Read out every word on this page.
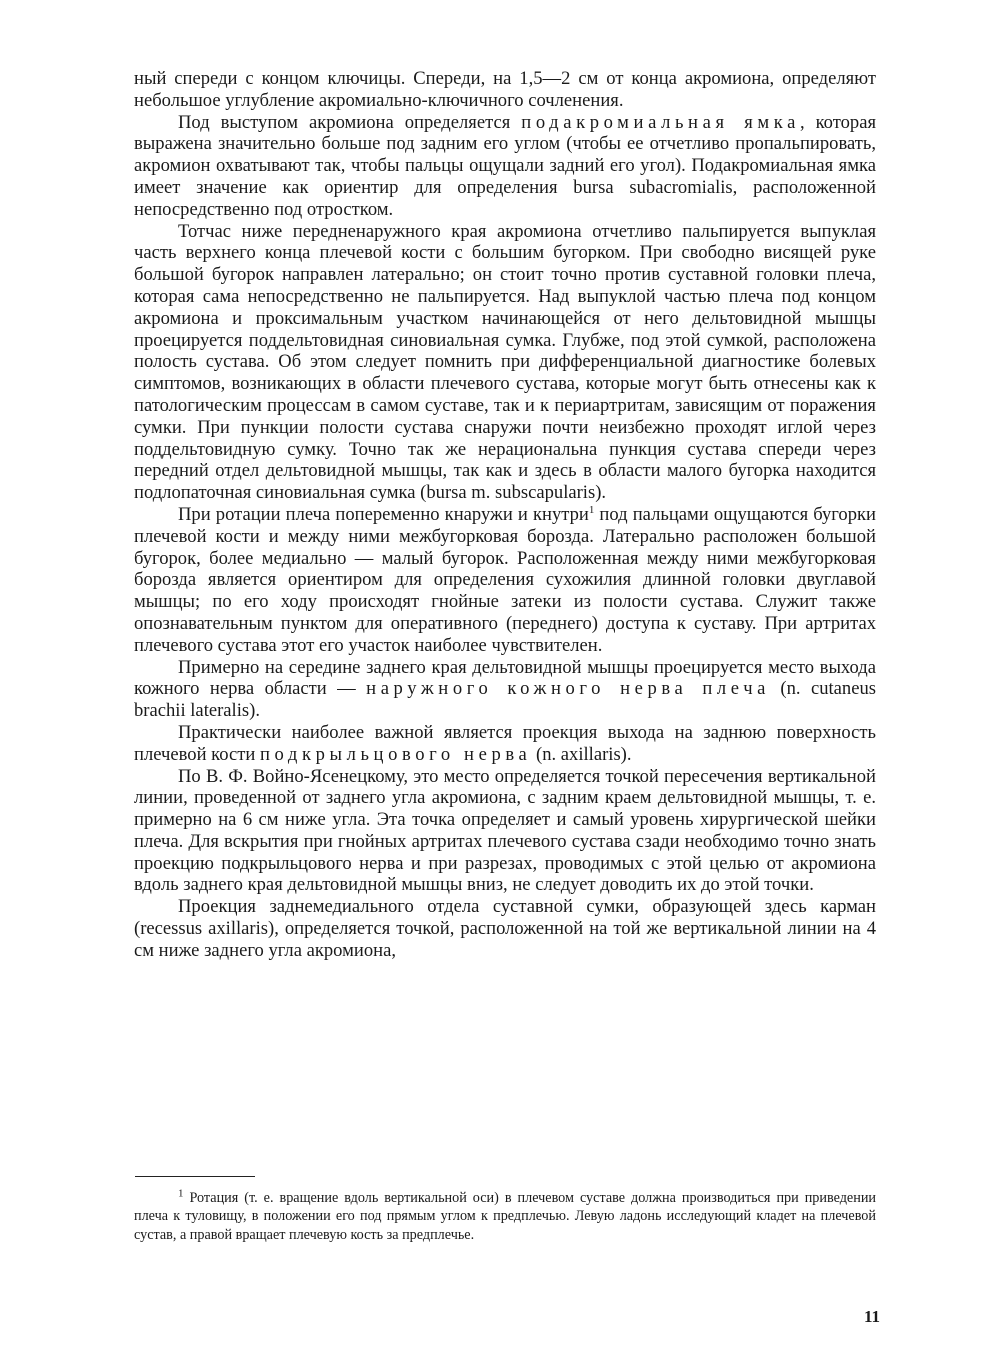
ный спереди с концом ключицы. Спереди, на 1,5—2 см от конца акромиона, определяют небольшое углубление акромиально-ключичного сочленения.

Под выступом акромиона определяется подакромиальная ямка, которая выражена значительно больше под задним его углом (чтобы ее отчетливо пропальпировать, акромион охватывают так, чтобы пальцы ощущали задний его угол). Подакромиальная ямка имеет значение как ориентир для определения bursa subacromialis, расположенной непосредственно под отростком.

Тотчас ниже передненаружного края акромиона отчетливо пальпируется выпуклая часть верхнего конца плечевой кости с большим бугорком. При свободно висящей руке большой бугорок направлен латерально; он стоит точно против суставной головки плеча, которая сама непосредственно не пальпируется. Над выпуклой частью плеча под концом акромиона и проксимальным участком начинающейся от него дельтовидной мышцы проецируется поддельтовидная синовиальная сумка. Глубже, под этой сумкой, расположена полость сустава. Об этом следует помнить при дифференциальной диагностике болевых симптомов, возникающих в области плечевого сустава, которые могут быть отнесены как к патологическим процессам в самом суставе, так и к периартритам, зависящим от поражения сумки. При пункции полости сустава снаружи почти неизбежно проходят иглой через поддельтовидную сумку. Точно так же нерациональна пункция сустава спереди через передний отдел дельтовидной мышцы, так как и здесь в области малого бугорка находится подлопаточная синовиальная сумка (bursa m. subscapularis).

При ротации плеча попеременно кнаружи и кнутри$^1$ под пальцами ощущаются бугорки плечевой кости и между ними межбугорковая борозда. Латерально расположен большой бугорок, более медиально — малый бугорок. Расположенная между ними межбугорковая борозда является ориентиром для определения сухожилия длинной головки двуглавой мышцы; по его ходу происходят гнойные затеки из полости сустава. Служит также опознавательным пунктом для оперативного (переднего) доступа к суставу. При артритах плечевого сустава этот его участок наиболее чувствителен.

Примерно на середине заднего края дельтовидной мышцы проецируется место выхода кожного нерва области — наружного кожного нерва плеча (n. cutaneus brachii lateralis).

Практически наиболее важной является проекция выхода на заднюю поверхность плечевой кости подкрыльцового нерва (n. axillaris).

По В. Ф. Войно-Ясенецкому, это место определяется точкой пересечения вертикальной линии, проведенной от заднего угла акромиона, с задним краем дельтовидной мышцы, т. е. примерно на 6 см ниже угла. Эта точка определяет и самый уровень хирургической шейки плеча. Для вскрытия при гнойных артритах плечевого сустава сзади необходимо точно знать проекцию подкрыльцового нерва и при разрезах, проводимых с этой целью от акромиона вдоль заднего края дельтовидной мышцы вниз, не следует доводить их до этой точки.

Проекция заднемедиального отдела суставной сумки, образующей здесь карман (recessus axillaris), определяется точкой, расположенной на той же вертикальной линии на 4 см ниже заднего угла акромиона,

$^1$ Ротация (т. е. вращение вдоль вертикальной оси) в плечевом суставе должна производиться при приведении плеча к туловищу, в положении его под прямым углом к предплечью. Левую ладонь исследующий кладет на плечевой сустав, а правой вращает плечевую кость за предплечье.

11
